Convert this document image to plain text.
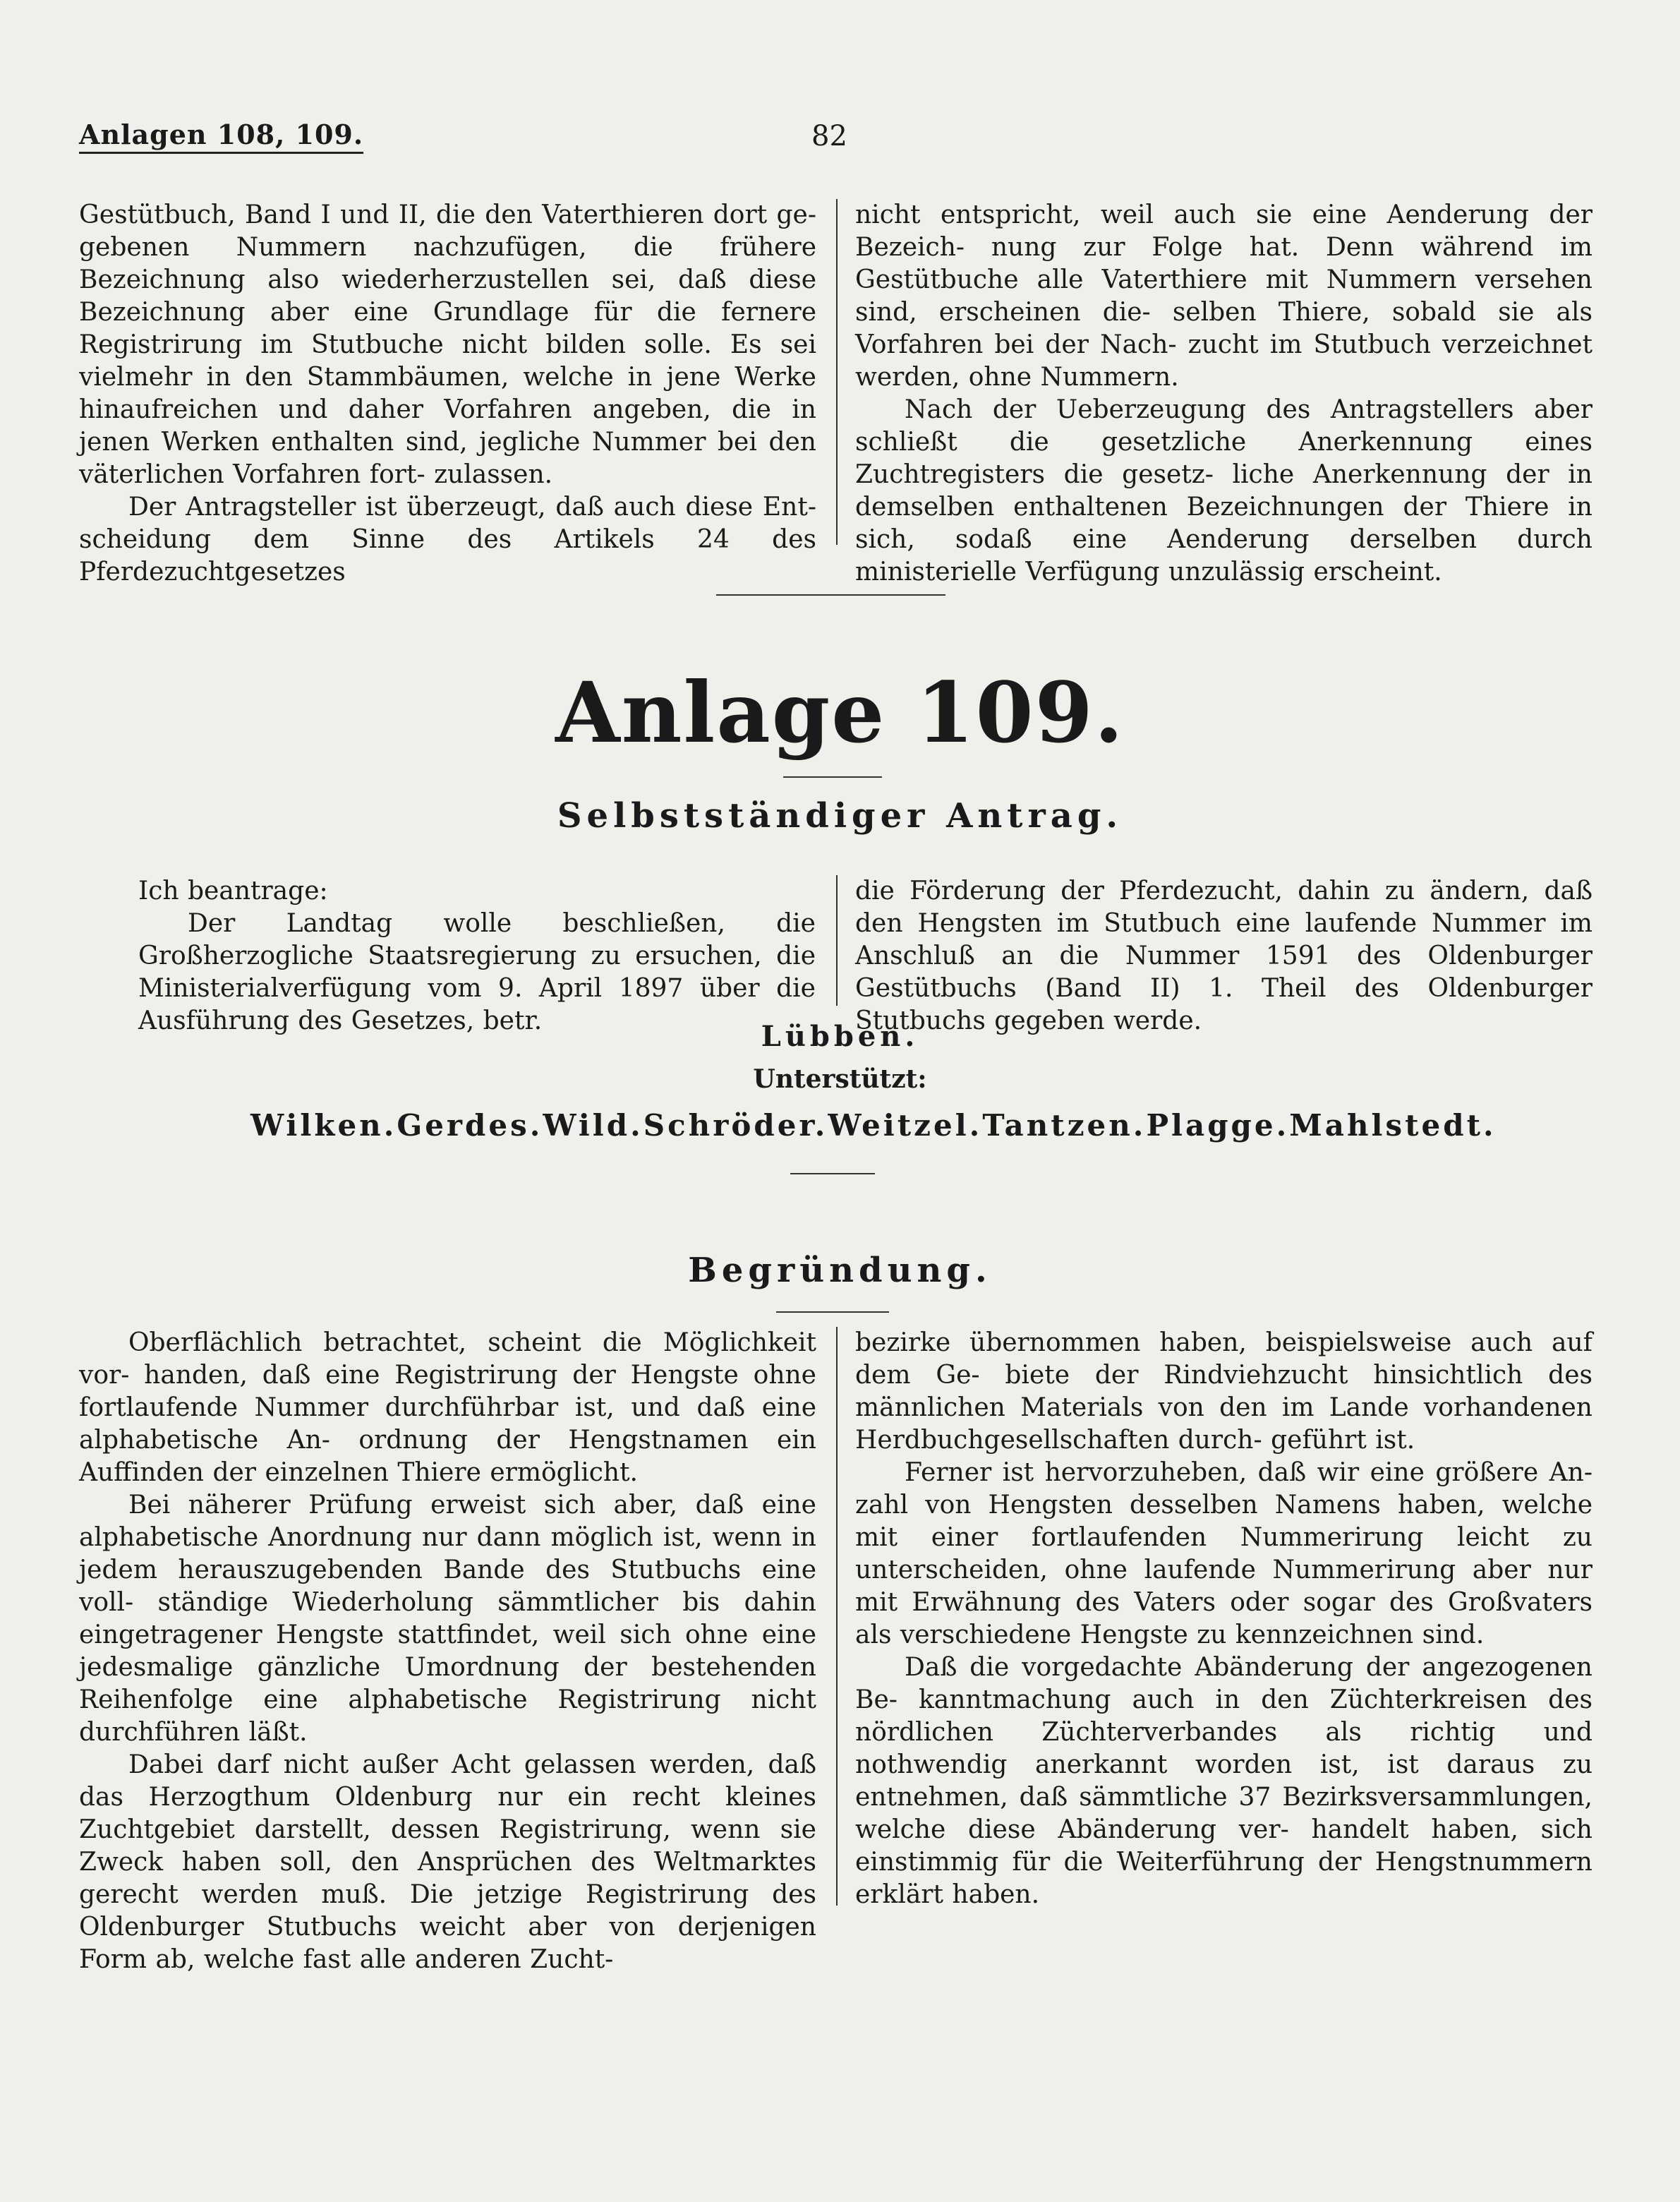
Anlagen 108, 109.	82

Gestütbuch, Band I und II, die den Vaterthieren dort ge- gebenen Nummern nachzufügen, die frühere Bezeichnung also wiederherzustellen sei, daß diese Bezeichnung aber eine Grundlage für die fernere Registrirung im Stutbuche nicht bilden solle. Es sei vielmehr in den Stammbäumen, welche in jene Werke hinaufreichen und daher Vorfahren angeben, die in jenen Werken enthalten sind, jegliche Nummer bei den väterlichen Vorfahren fort- zulassen.

Der Antragsteller ist überzeugt, daß auch diese Ent- scheidung dem Sinne des Artikels 24 des Pferdezuchtgesetzes

nicht entspricht, weil auch sie eine Aenderung der Bezeich- nung zur Folge hat. Denn während im Gestütbuche alle Vaterthiere mit Nummern versehen sind, erscheinen die- selben Thiere, sobald sie als Vorfahren bei der Nach- zucht im Stutbuch verzeichnet werden, ohne Nummern.

Nach der Ueberzeugung des Antragstellers aber schließt die gesetzliche Anerkennung eines Zuchtregisters die gesetz- liche Anerkennung der in demselben enthaltenen Bezeichnungen der Thiere in sich, sodaß eine Aenderung derselben durch ministerielle Verfügung unzulässig erscheint.

Anlage 109.
Selbstständiger Antrag.

Ich beantrage:

Der Landtag wolle beschließen, die Großherzogliche Staatsregierung zu ersuchen, die Ministerialverfügung vom 9. April 1897 über die Ausführung des Gesetzes, betr.

die Förderung der Pferdezucht, dahin zu ändern, daß den Hengsten im Stutbuch eine laufende Nummer im Anschluß an die Nummer 1591 des Oldenburger Gestütbuchs (Band II) 1. Theil des Oldenburger Stutbuchs gegeben werde.

Lübben.
Unterstützt:
Wilken. Gerdes. Wild. Schröder. Weitzel. Tantzen. Plagge. Mahlstedt.
Begründung.

Oberflächlich betrachtet, scheint die Möglichkeit vor- handen, daß eine Registrirung der Hengste ohne fortlaufende Nummer durchführbar ist, und daß eine alphabetische An- ordnung der Hengstnamen ein Auffinden der einzelnen Thiere ermöglicht.

Bei näherer Prüfung erweist sich aber, daß eine alphabetische Anordnung nur dann möglich ist, wenn in jedem herauszugebenden Bande des Stutbuchs eine voll- ständige Wiederholung sämmtlicher bis dahin eingetragener Hengste stattfindet, weil sich ohne eine jedesmalige gänzliche Umordnung der bestehenden Reihenfolge eine alphabetische Registrirung nicht durchführen läßt.

Dabei darf nicht außer Acht gelassen werden, daß das Herzogthum Oldenburg nur ein recht kleines Zuchtgebiet darstellt, dessen Registrirung, wenn sie Zweck haben soll, den Ansprüchen des Weltmarktes gerecht werden muß. Die jetzige Registrirung des Oldenburger Stutbuchs weicht aber von derjenigen Form ab, welche fast alle anderen Zucht-

bezirke übernommen haben, beispielsweise auch auf dem Ge- biete der Rindviehzucht hinsichtlich des männlichen Materials von den im Lande vorhandenen Herdbuchgesellschaften durch- geführt ist.

Ferner ist hervorzuheben, daß wir eine größere An- zahl von Hengsten desselben Namens haben, welche mit einer fortlaufenden Nummerirung leicht zu unterscheiden, ohne laufende Nummerirung aber nur mit Erwähnung des Vaters oder sogar des Großvaters als verschiedene Hengste zu kennzeichnen sind.

Daß die vorgedachte Abänderung der angezogenen Be- kanntmachung auch in den Züchterkreisen des nördlichen Züchterverbandes als richtig und nothwendig anerkannt worden ist, ist daraus zu entnehmen, daß sämmtliche 37 Bezirksversammlungen, welche diese Abänderung ver- handelt haben, sich einstimmig für die Weiterführung der Hengstnummern erklärt haben.
